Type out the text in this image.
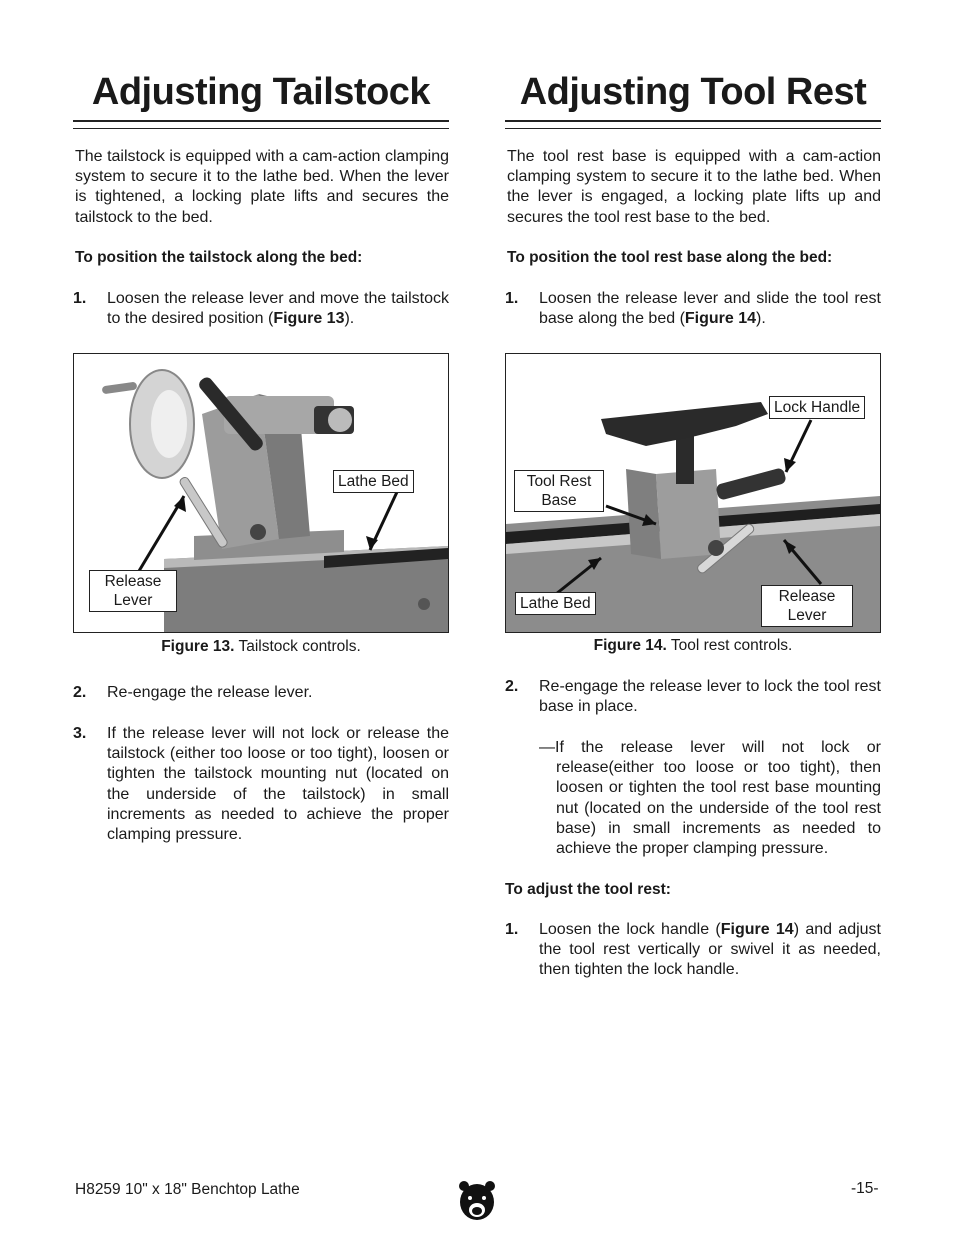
Adjusting Tailstock

The tailstock is equipped with a cam-action clamping system to secure it to the lathe bed. When the lever is tightened, a locking plate lifts and secures the tailstock to the bed.

To position the tailstock along the bed:

1. Loosen the release lever and move the tailstock to the desired position (Figure 13).
Lathe Bed
Release
Lever
Figure 13. Tailstock controls.
2. Re-engage the release lever.
3. If the release lever will not lock or release the tailstock (either too loose or too tight), loosen or tighten the tailstock mounting nut (located on the underside of the tailstock) in small increments as needed to achieve the proper clamping pressure.
Adjusting Tool Rest

The tool rest base is equipped with a cam-action clamping system to secure it to the lathe bed. When the lever is engaged, a locking plate lifts up and secures the tool rest base to the bed.

To position the tool rest base along the bed:

1. Loosen the release lever and slide the tool rest base along the bed (Figure 14).
Lock Handle
Tool Rest
Base
Lathe Bed	Release
Lever
Figure 14. Tool rest controls.
2. Re-engage the release lever to lock the tool rest base in place.
—If the release lever will not lock or release(either too loose or too tight), then loosen or tighten the tool rest base mounting nut (located on the underside of the tool rest base) in small increments as needed to achieve the proper clamping pressure.

To adjust the tool rest:

1. Loosen the lock handle (Figure 14) and adjust the tool rest vertically or swivel it as needed, then tighten the lock handle.
H8259 10" x 18" Benchtop Lathe	-15-
